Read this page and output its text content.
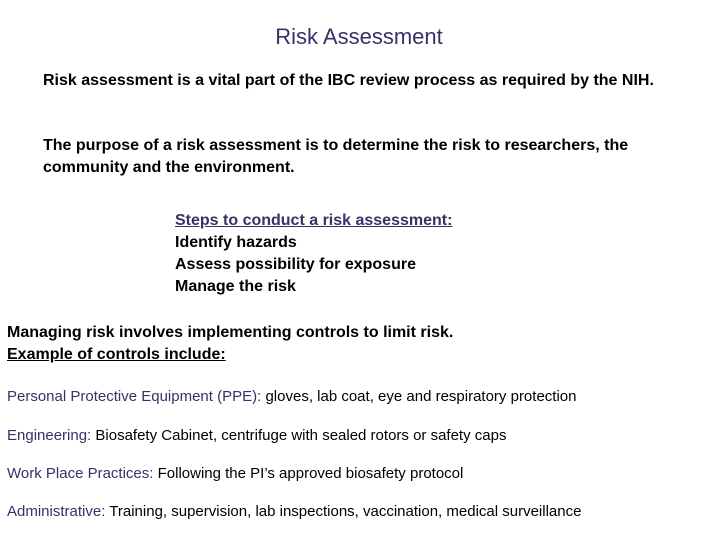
Risk Assessment
Risk assessment is a vital part of the IBC review process as required by the NIH.
The purpose of a risk assessment is to determine the risk to researchers, the community and the environment.
Steps to conduct a risk assessment:
Identify hazards
Assess possibility for exposure
Manage the risk
Managing risk involves implementing controls to limit risk.
Example of controls include:
Personal Protective Equipment (PPE): gloves, lab coat, eye and respiratory protection
Engineering: Biosafety Cabinet, centrifuge with sealed rotors or safety caps
Work Place Practices: Following the PI’s approved biosafety protocol
Administrative: Training, supervision, lab inspections, vaccination, medical surveillance
